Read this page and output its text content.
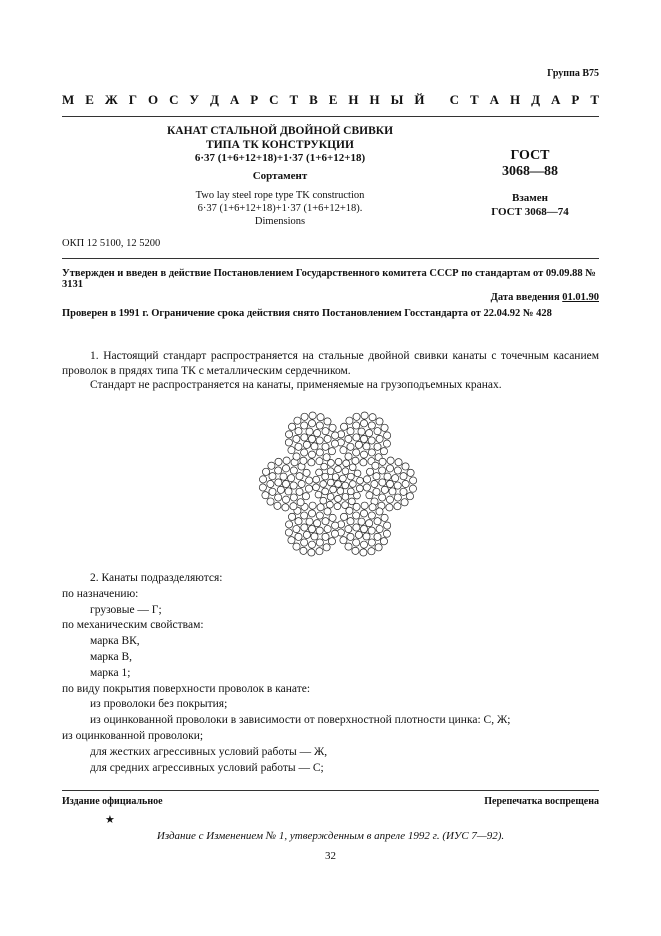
Группа В75
М Е Ж Г О С У Д А Р С Т В Е Н Н Ы Й
С Т А Н Д А Р Т
КАНАТ СТАЛЬНОЙ ДВОЙНОЙ СВИВКИ
ТИПА ТК КОНСТРУКЦИИ
6·37 (1+6+12+18)+1·37 (1+6+12+18)
Сортамент
Two lay steel rope type TK construction
6·37 (1+6+12+18)+1·37 (1+6+12+18).
Dimensions
ГОСТ
3068—88
Взамен
ГОСТ 3068—74
ОКП 12 5100, 12 5200
Утвержден и введен в действие Постановлением Государственного комитета СССР по стандартам от 09.09.88 № 3131
Дата введения 01.01.90
Проверен в 1991 г. Ограничение срока действия снято Постановлением Госстандарта от 22.04.92 № 428
1. Настоящий стандарт распространяется на стальные двойной свивки канаты с точечным касанием проволок в прядях типа ТК с металлическим сердечником.
Стандарт не распространяется на канаты, применяемые на грузоподъемных кранах.
2. Канаты подразделяются:
по назначению:
грузовые — Г;
по механическим свойствам:
марка ВК,
марка В,
марка 1;
по виду покрытия поверхности проволок в канате:
из проволоки без покрытия;
из оцинкованной проволоки в зависимости от поверхностной плотности цинка: С, Ж;
из оцинкованной проволоки;
для жестких агрессивных условий работы — Ж,
для средних агрессивных условий работы — С;
Издание официальное	Перепечатка воспрещена
★
Издание с Изменением № 1, утвержденным в апреле 1992 г. (ИУС 7—92).
32
